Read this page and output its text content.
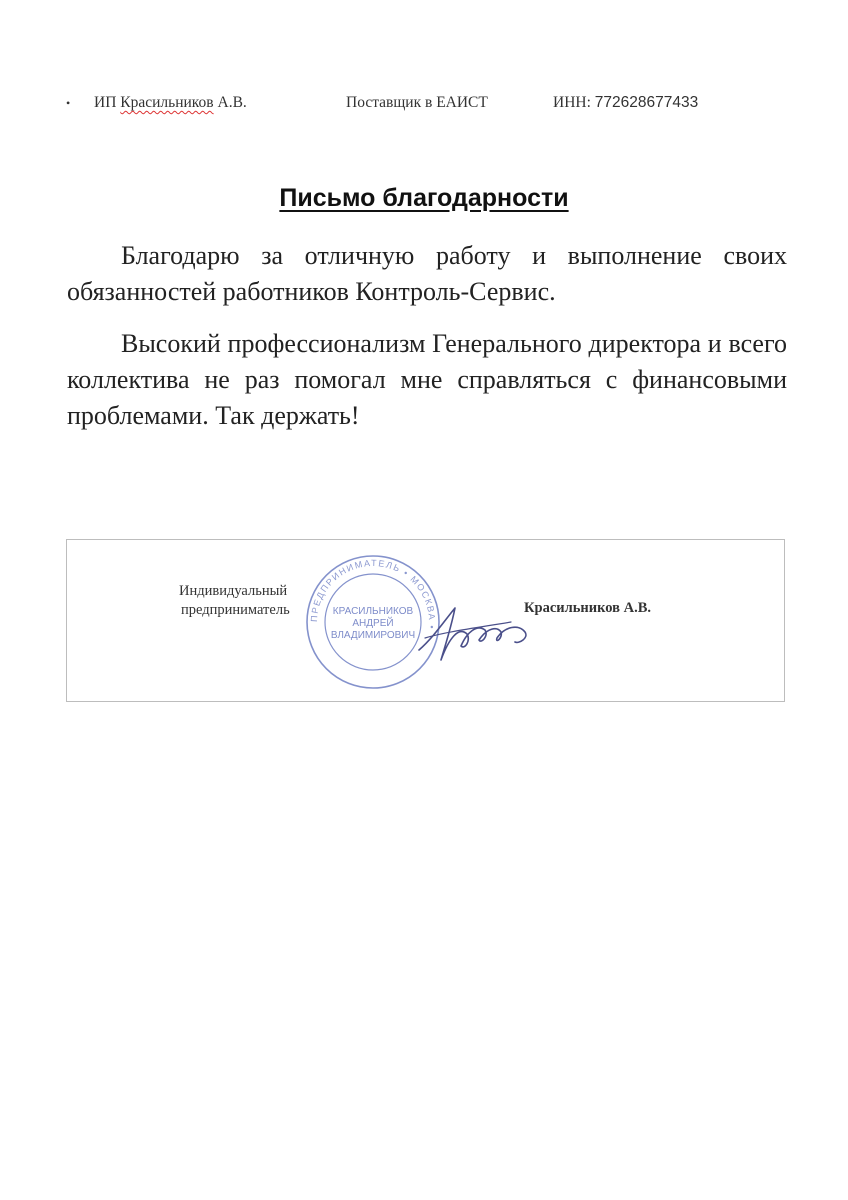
• ИП Красильников А.В.	Поставщик в ЕАИСТ	ИНН: 772628677433
Письмо благодарности

Благодарю за отличную работу и выполнение своих обязанностей работников Контроль-Сервис.

Высокий профессионализм Генерального директора и всего коллектива не раз помогал мне справляться с финансовыми проблемами. Так держать!

Индивидуальный
предприниматель ПРЕДПРИНИМАТЕЛЬ • МОСКВА •
КРАСИЛЬНИКОВ
АНДРЕЙ
ВЛАДИМИРОВИЧ
Красильников А.В.
